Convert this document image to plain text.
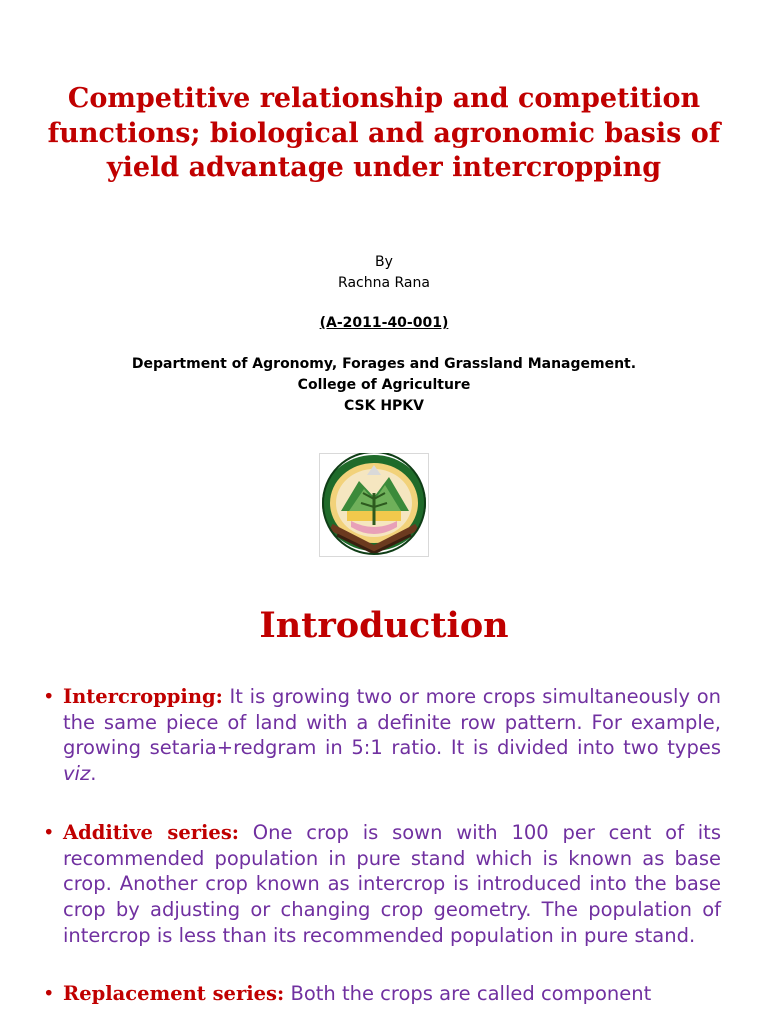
Competitive relationship and competition functions; biological and agronomic basis of yield advantage under intercropping
By
Rachna Rana
(A-2011-40-001)
Department of Agronomy, Forages and Grassland Management.
College of Agriculture
CSK HPKV
Introduction
• Intercropping: It is growing two or more crops simultaneously on the same piece of land with a definite row pattern. For example, growing setaria+redgram in 5:1 ratio. It is divided into two types viz.
• Additive series: One crop is sown with 100 per cent of its recommended population in pure stand which is known as base crop. Another crop known as intercrop is introduced into the base crop by adjusting or changing crop geometry. The population of intercrop is less than its recommended population in pure stand.
• Replacement series: Both the crops are called component
